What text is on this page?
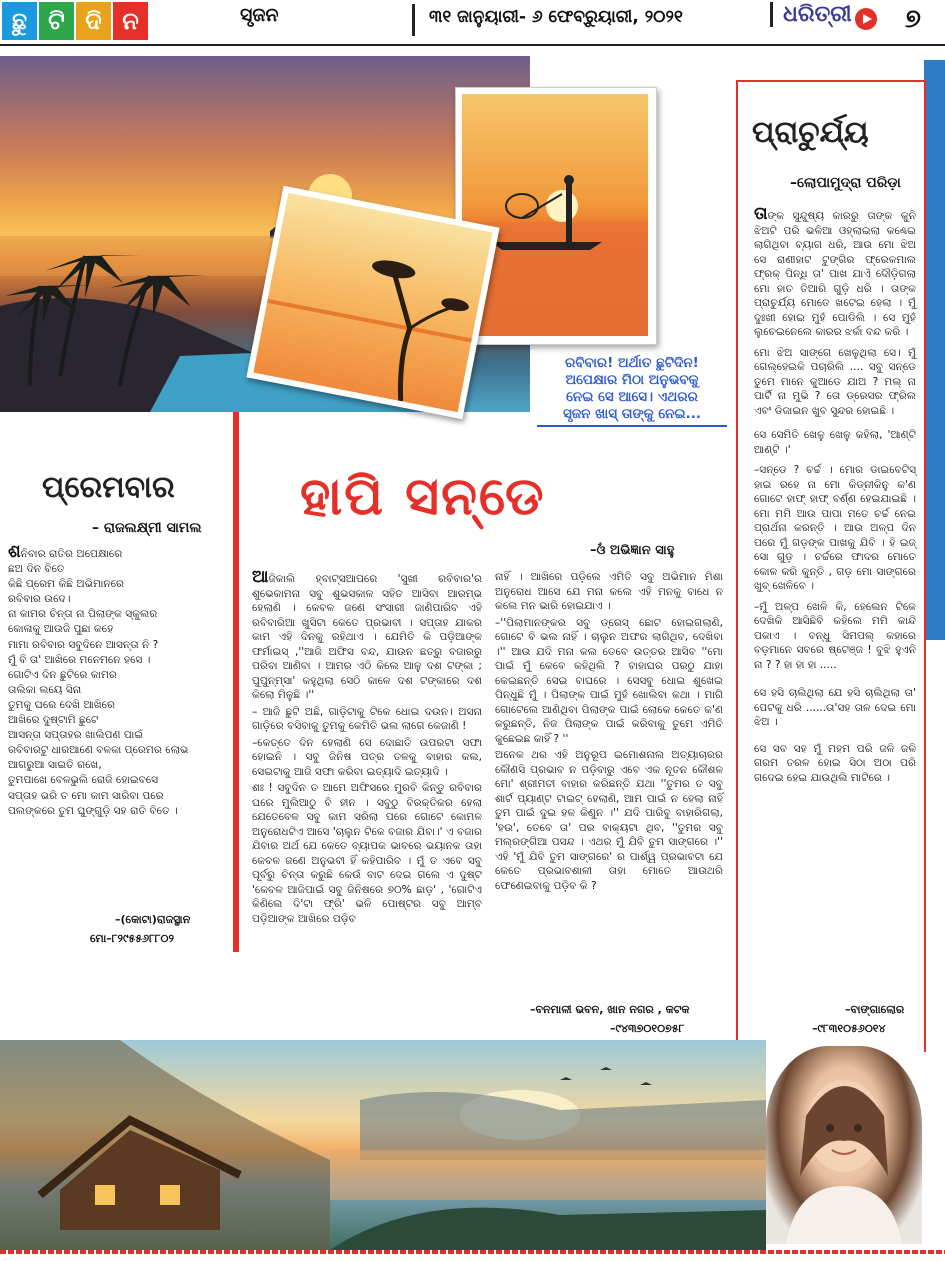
ଛୁ ଟି ଦି ନ	ସୃଜନ	୩୧ ଜାନୁୟାରୀ- ୬ ଫେବ୍ରୁୟାରୀ, ୨୦୨୧	ଧରିତ୍ରୀ ୭
ରବିବାର! ଅର୍ଥାତ ଛୁଟିଦିନ!
ଅପେକ୍ଷାର ମିଠା ଅନୁଭବକୁ
ନେଇ ସେ ଆସେ। ଏଥରର
ସୃଜନ ଖାସ୍ ତାଙ୍କୁ ନେଇ...
ପ୍ରାଚୁର୍ଯ୍ୟ
–ଲୋପାମୁଦ୍ରା ପରିଡ଼ା

ତାଙ୍କ ସୁନ୍ଦୁଷ୍ୟ କାରରୁ ତାଙ୍କ କୁନି ଝିଅଟି ପରି ଭଳିଆ ଓହ୍ଲାଇଲା କଣ୍ଢେଇ ଲାଗିଥିବା ବ୍ୟାଗ ଧରି, ଆଉ ମୋ ଝିଅ ସେ ରାଣୀହାଟ ଟୁଙ୍ଗିର ଫ୍ରେକମାଲ ଫ୍ରକ୍ ପିନ୍ଧି ତା' ପାଖ ଯାଏଁ ଦୌଡ଼ିଗଲା ମୋ ହାତ ତିଆରି ଗୁଡ଼ି ଧରି । ତାଙ୍କ ପ୍ରାଚୁର୍ଯ୍ୟ ମୋତେ ଖଟେଇ ହେଲା । ମୁଁ ଦୁଃଖୀ ହୋଇ ମୁହଁ ପୋଡିଲି । ସେ ମୁହଁ ଲୁଚେଇନେଲେ କାରର ଝର୍କା ବନ୍ଦ କରି ।

ମୋ ଝିଅ ସାଙ୍ଗେ ଖେଳୁଥିଲା ସେ। ମୁଁ ଗେଲ୍ହେଇକି ପଚାରିଲି .... ସବୁ ସନ୍‌ଡେ ତୁମେ ମାନେ କୁଆଡେ ଯାଅ ? ମଲ୍ ନା ପାର୍ଟି ନା ମୁଭି ? ତୋ ଡ୍ରେସର ଫ୍ରିଲ ଏବଂ ଡିଜାଇନ ଖୁବ ସୁନ୍ଦର ହୋଇଛି ।

ସେ ସେମିତି ଖେଳୁ ଖେଳୁ କହିଲା, 'ଆଣ୍ଟି ଆଣ୍ଟି ।'

–ସନ୍‌ଡେ ? ଚର୍ଚ୍ଚ । ମୋର ଡାଇବେଟିସ୍ ହାଇ ରହେ ନା ମୋ କିଡ୍‌ନୀକିନୁ କ'ଣ ଗୋଟେ ହାଫ୍ ହାଫ୍ ବର୍ଣ୍ଣ ହେଇଯାଇଛି । ମୋ ମମି ଆଉ ପାପା ମତେ ଚର୍ଚ୍ଚ ନେଇ ପ୍ରାର୍ଥନା କରନ୍ତି । ଆଉ ଅଳ୍ପ ଦିନ ପରେ ମୁଁ ଗଡ଼ଙ୍କ ପାଖକୁ ଯିବି । ହି ଇଜ୍ ସୋ ଗୁଡ଼ । ଚର୍ଚ୍ଚରେ ଫାଦର ମୋତେ କୋଳ କରି କୁନ୍ତି , ଗଡ଼ ମୋ ସାଙ୍ଗରେ ଖୁବ୍ ଖେଳିବେ ।

–ମୁଁ ଅଳ୍ପ ଖେଳି କି, ହେଲେନ ଟିକେ ଦେଖିକି ଆସିଛିବି କହିଲେ ମମି କାନ୍ଦି ପକାଏ । ବନ୍ଧୁ ସିମପଲ୍ କହାରେ ବଡ଼ମାନେ ସବରେ ଷ୍ଟେଞ୍ଜ ! ବୁଝି ହୁଏନି ନା ? ? ହା ହା ହା .....

ସେ ହସି ଚାଲିଥିଲା ଯେ ହସି ଚାଲିଥିଲା ତା' ପେଟକୁ ଧରି ......ତା'ସହ ତାଳ ଦେଇ ମୋ ଝିଅ ।

ସେ ସବ ସହ ମୁଁ ମହମ ପରି ଜଳି ଜଳି ଗରମ ତରଳ ହୋଇ ସିଠା ଅଠା ପରି ଗଦେଇ ହେଇ ଯାଉଥିଲି ମାଟିରେ ।

–ବାଙ୍ଗାଲୋର
–୯୮୩୧୦୫୬୦୧୪
ପ୍ରେମବାର
– ରାଜଲକ୍ଷ୍ମୀ ସାମଲ
ଶନିବାର ରାତିର ଅପେକ୍ଷାରେ
ଛଅ ଦିନ ବିତେ
କିଛି ପ୍ରେମ କିଛି ଅଭିମାନରେ
ରବିବାର ଉଦେ।
ନା କାମର ଚିନ୍ତା ନା ପିଲାଙ୍କ ସ୍କୁଲର
କୋଳାକୁ ଆଉଜି ପୁଛା କହେ
ମାମା ରବିବାର ସବୁଦିନେ ଆସନ୍ତା ନି ?
ମୁଁ ବି ତା' ଆଖିରେ ମନେମନେ ହସେ ।
ଗୋଟିଏ ଦିନ ଛୁଟିରେ କାମର
ତାଲିକା ଲୟେ ସିନା
ତୁମକୁ ଘରେ ଦେଖି ଆଖିରେ
ଆଖିରେ ଦୁଷ୍ଟାମି ଛୁଟେ
ଆସନ୍ତା ସପ୍ତାହର ଖାଲିପଣ ପାଇଁ
ରବିବାରଟୁ ଧାରଆଣେ ବଳକା ପ୍ରେମର ଲୋଭ
ଆଗରୁଆ ସାଇତି ରଖେ,
ତୁମପାଖେ ବେଳଭୁଲି ରୋଜି ହୋଇବସେ
ସପ୍ତାହ ଭରି ତ ମୋ କାମ ସାରିବା ପରେ
ପଲଙ୍କରେ ତୁମ ଘୁଙ୍ଗୁଡ଼ି ସହ ରାତି ବିତେ ।
–(କୋଟା)ରାଜସ୍ଥାନ
ମୋ–୮୨୯୫୫୬୮୮୦୨
ହାପି ସନ୍‌ଡେ
–ଓଁ ଅଭିଜ୍ଞାନ ସାହୁ

ଆଜିକାଲି ହ୍ବାଟ୍ସଆପରେ 'ସୁଖୀ ରବିବାର'ର ଶୁଭେକାମନା ସବୁ ଶୁଭସକାଳ ସହିତ ଆସିବା ଆରମ୍ଭ ହେଲାଣି । କେବଳ ଜଣେ ସଂସାରୀ ଜାଣିପାରିବ ଏହି ରବିବାରିଆ ଖୁସିଟା କେତେ ପ୍ରଭାବୀ । ସପ୍ତାହ ଯାକର କାମ ଏହି ଦିନକୁ ରହିଥାଏ । ଯେମିତି କି ପଡ଼ିଆଙ୍କ ଫର୍ମାଇସ୍ ,''ଆଜି ଅଫିସ ବନ୍ଦ, ଯାଉନ ଛତ୍ରୁ ବଜାରରୁ ପରିବା ଆଣିବା । ଆମର ଏଠି କିଲେ ଆଳୁ ଦଶ ଟଙ୍କା ; ପୁପୁନ୍ମ୍‌ସା' କହୁଥିଲା ସେଠି କାଳେ ଦଶ ଟଙ୍କାରେ ଦଶ କିଲୋ ମିଳୁଛି ।''

– ଆଜି ଛୁଟି ଅଛି, ଗାଡ଼ିଟାକୁ ଟିକେ ଧୋଇ ଦଉନ। ଅସନା ଗାଡ଼ିରେ ବସିବାକୁ ତୁମକୁ କେମିତି ଭଲ ଲାଗେ କେଜାଣି !

–କେତ୍ତେ ଦିନ ହେଲାଣି ସେ ଦୋଛାତି ଉପରଟା ସଫା ହୋଇନି । ସବୁ ଜିନିଷ ପତ୍ର ତଳକୁ ବାହାର କଲ, ସେଇଟାକୁ ଆଜି ସଫା କରିବା ଇତ୍ୟାଦି ଇତ୍ୟାଦି ।

ଶଃ ! ସବୁଦିନ ତ ଆମେ ଅଫିସରେ ମୁରବି କିନ୍ତୁ ରବିବାର ଘରେ ମୁଲିଆଠୁ ବି ହୀନ । ସବୁଠୁ ବିରକ୍ତିକର ହେଲା ଯେତେବେଳ ସବୁ କାମ ସରିଲା ପରେ ଗୋଟେ କୋମଳ ଅନୁରୋଧଟିଏ ଆସେ 'ଚାଲୁନ ଟିକେ ବଜାର ଯିବା।' ଏ ବଜାର ଯିବାର ଅର୍ଥ ଯେ କେତେ ବ୍ୟାପକ ଭାବରେ ଭୟାନକ ତାହା କେବଳ ଜଣେ ଅନୁଭବୀ ହିଁ କହିପାରିବ । ମୁଁ ତ ଏବେ ସବୁ ପୂର୍ବରୁ ଚିନ୍ତା କରୁଛି କେଉଁ ବାଟ ଦେଇ ଗଲେ ଏ ଦୁଷ୍ଟ 'କେବଳ ଆଜିପାଇଁ ସବୁ ଜିନିଷରେ ୭୦% ଛାଡ଼' , 'ଗୋଟିଏ କିଣିଲେ ଦି'ଟା ଫ୍ରି' ଭଳି ପୋଷ୍ଟର ସବୁ ଆମ୍ବ ପଡ଼ିଆଙ୍କ ଆଖିରେ ପଡ଼ିବ

ନାହିଁ । ଆଖିରେ ପଡ଼ିଲେ ଏମିତି ସବୁ ଅଭିମାନ ମିଶା ଅନୁରୋଧ ଆସେ ଯେ ମନା କଲେ ଏହି ମନକୁ ବାଧେ ନ କଲେ ମନ ଭାରି ହୋଇଯାଏ ।

–''ପିଲାମାନଙ୍କର ସବୁ ଡ୍ରେସ୍ ଛୋଟ ହୋଇଗଲାଣି, ଗୋଟେ ବି ଭଲ ନାହିଁ । ଚାଲୁନ ଅଫର ଲାଗିଥିବ, ଦେଖିବା ।'' ଆଉ ଯଦି ମନା କଲ ତେବେ ଉତ୍ତର ଆସିବ ''ମୋ ପାଇଁ ମୁଁ କେବେ କହିଥିଲି ? ବାହାଘର ପରଠୁ ଯାହା କେଇଛନ୍ତି ସେଇ ବାଘରେ । ସେସବୁ ଧୋଇ ଶୁଖେଇ ପିନ୍ଧୁଛି ମୁଁ । ପିଲାଙ୍କ ପାଇଁ ମୁହଁ ଖୋଲିବା କଥା । ମାଗି ଗୋଟେଲେ ଆଣିଥିବା ପିଲାଙ୍କ ପାଇଁ ଲୋକେ କେତେ କ'ଣ କରୁଛନ୍ତି, ନିଜ ପିଲାଙ୍କ ପାଇଁ କରିବାକୁ ତୁମେ ଏମିତି କୁଛେଇଛ କାହିଁ ? ''

ଅନେକ ଥର ଏହି ଅନୁରୂପ ଇମୋଶନାଲ ଅତ୍ୟାଚାରର କୌଣସି ପ୍ରଭାବ ନ ପଡ଼ିବାରୁ ଏବେ ଏକ ନୂତନ କୌଶଳ ମୋ' ଶ୍ରୀମତୀ ବାହାର କରିଛନ୍ତି ଯଥା ''ତୁମର ତ ସବୁ ଶାର୍ଟ ପ୍ୟାଣ୍ଟ ଟାଇଟ୍ ହେଲାଣି, ଆମ ପାଇଁ ନ ହେଲା ନାହିଁ ତୁମ ପାଇଁ ଦୁଇ ହଳ କିଣୁନ ।'' ଯଦି ପାରିବୁ ବାହାରିଗଲା, 'ହଉ', ତେବେ ତା' ପର ବାକ୍ୟଟା ଥିବ, ''ତୁମର ସବୁ ମଲ୍‌ରଙ୍ଗିଆ ପସନ୍ଦ । ଏଥର ମୁଁ ଯିବି ତୁମ ସାଙ୍ଗରେ ।'' ଏହି 'ମୁଁ ଯିବି ତୁମ ସାଙ୍ଗରେ' ର ପାର୍ଶ୍ୱ ପ୍ରଭାବଟା ଯେ କେତେ ପ୍ରଭାବଶାଳୀ ତାହା ମୋତେ ଆଉଥରି ଫେଣେଇବାକୁ ପଡ଼ିବ କି ?

–ବନମାଳୀ ଭବନ, ଖାନ ନଗର , କଟକ
–୯୪୩୭୦୧୦୭୫୮
